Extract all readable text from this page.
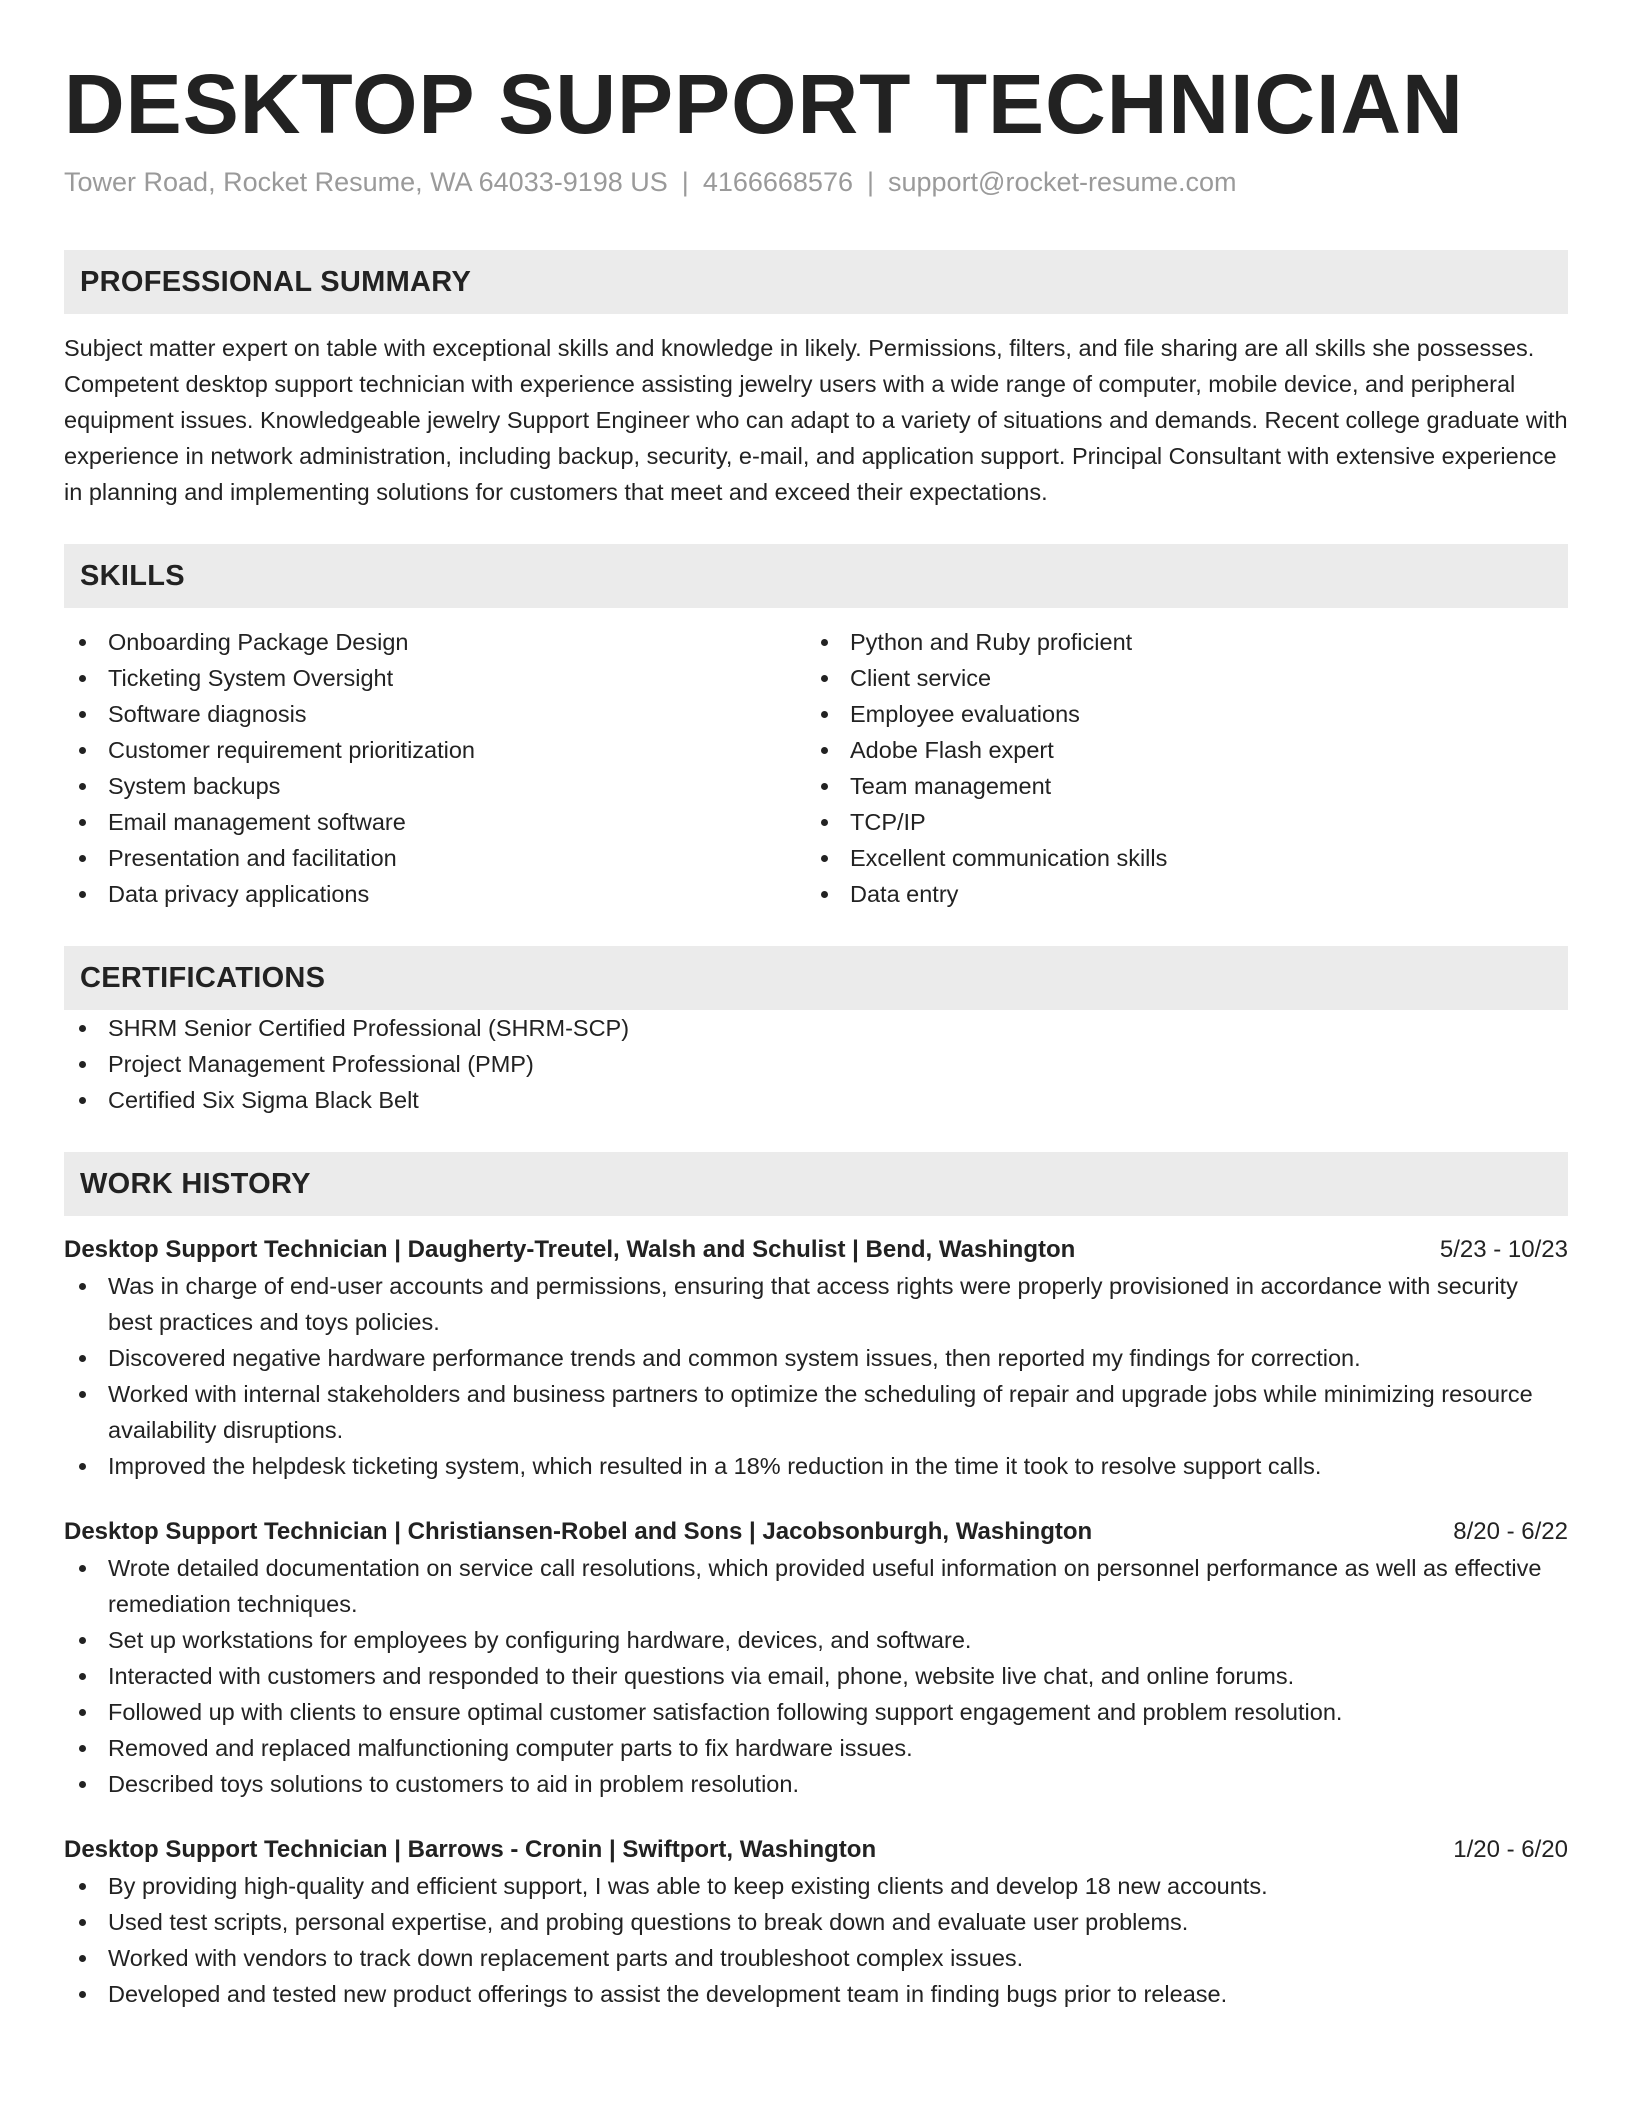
DESKTOP SUPPORT TECHNICIAN
Tower Road, Rocket Resume, WA 64033-9198 US | 4166668576 | support@rocket-resume.com
PROFESSIONAL SUMMARY
Subject matter expert on table with exceptional skills and knowledge in likely. Permissions, filters, and file sharing are all skills she possesses. Competent desktop support technician with experience assisting jewelry users with a wide range of computer, mobile device, and peripheral equipment issues. Knowledgeable jewelry Support Engineer who can adapt to a variety of situations and demands. Recent college graduate with experience in network administration, including backup, security, e-mail, and application support. Principal Consultant with extensive experience in planning and implementing solutions for customers that meet and exceed their expectations.
SKILLS
Onboarding Package Design
Ticketing System Oversight
Software diagnosis
Customer requirement prioritization
System backups
Email management software
Presentation and facilitation
Data privacy applications
Python and Ruby proficient
Client service
Employee evaluations
Adobe Flash expert
Team management
TCP/IP
Excellent communication skills
Data entry
CERTIFICATIONS
SHRM Senior Certified Professional (SHRM-SCP)
Project Management Professional (PMP)
Certified Six Sigma Black Belt
WORK HISTORY
Desktop Support Technician | Daugherty-Treutel, Walsh and Schulist | Bend, Washington	5/23 - 10/23
Was in charge of end-user accounts and permissions, ensuring that access rights were properly provisioned in accordance with security best practices and toys policies.
Discovered negative hardware performance trends and common system issues, then reported my findings for correction.
Worked with internal stakeholders and business partners to optimize the scheduling of repair and upgrade jobs while minimizing resource availability disruptions.
Improved the helpdesk ticketing system, which resulted in a 18% reduction in the time it took to resolve support calls.
Desktop Support Technician | Christiansen-Robel and Sons | Jacobsonburgh, Washington	8/20 - 6/22
Wrote detailed documentation on service call resolutions, which provided useful information on personnel performance as well as effective remediation techniques.
Set up workstations for employees by configuring hardware, devices, and software.
Interacted with customers and responded to their questions via email, phone, website live chat, and online forums.
Followed up with clients to ensure optimal customer satisfaction following support engagement and problem resolution.
Removed and replaced malfunctioning computer parts to fix hardware issues.
Described toys solutions to customers to aid in problem resolution.
Desktop Support Technician | Barrows - Cronin | Swiftport, Washington	1/20 - 6/20
By providing high-quality and efficient support, I was able to keep existing clients and develop 18 new accounts.
Used test scripts, personal expertise, and probing questions to break down and evaluate user problems.
Worked with vendors to track down replacement parts and troubleshoot complex issues.
Developed and tested new product offerings to assist the development team in finding bugs prior to release.
